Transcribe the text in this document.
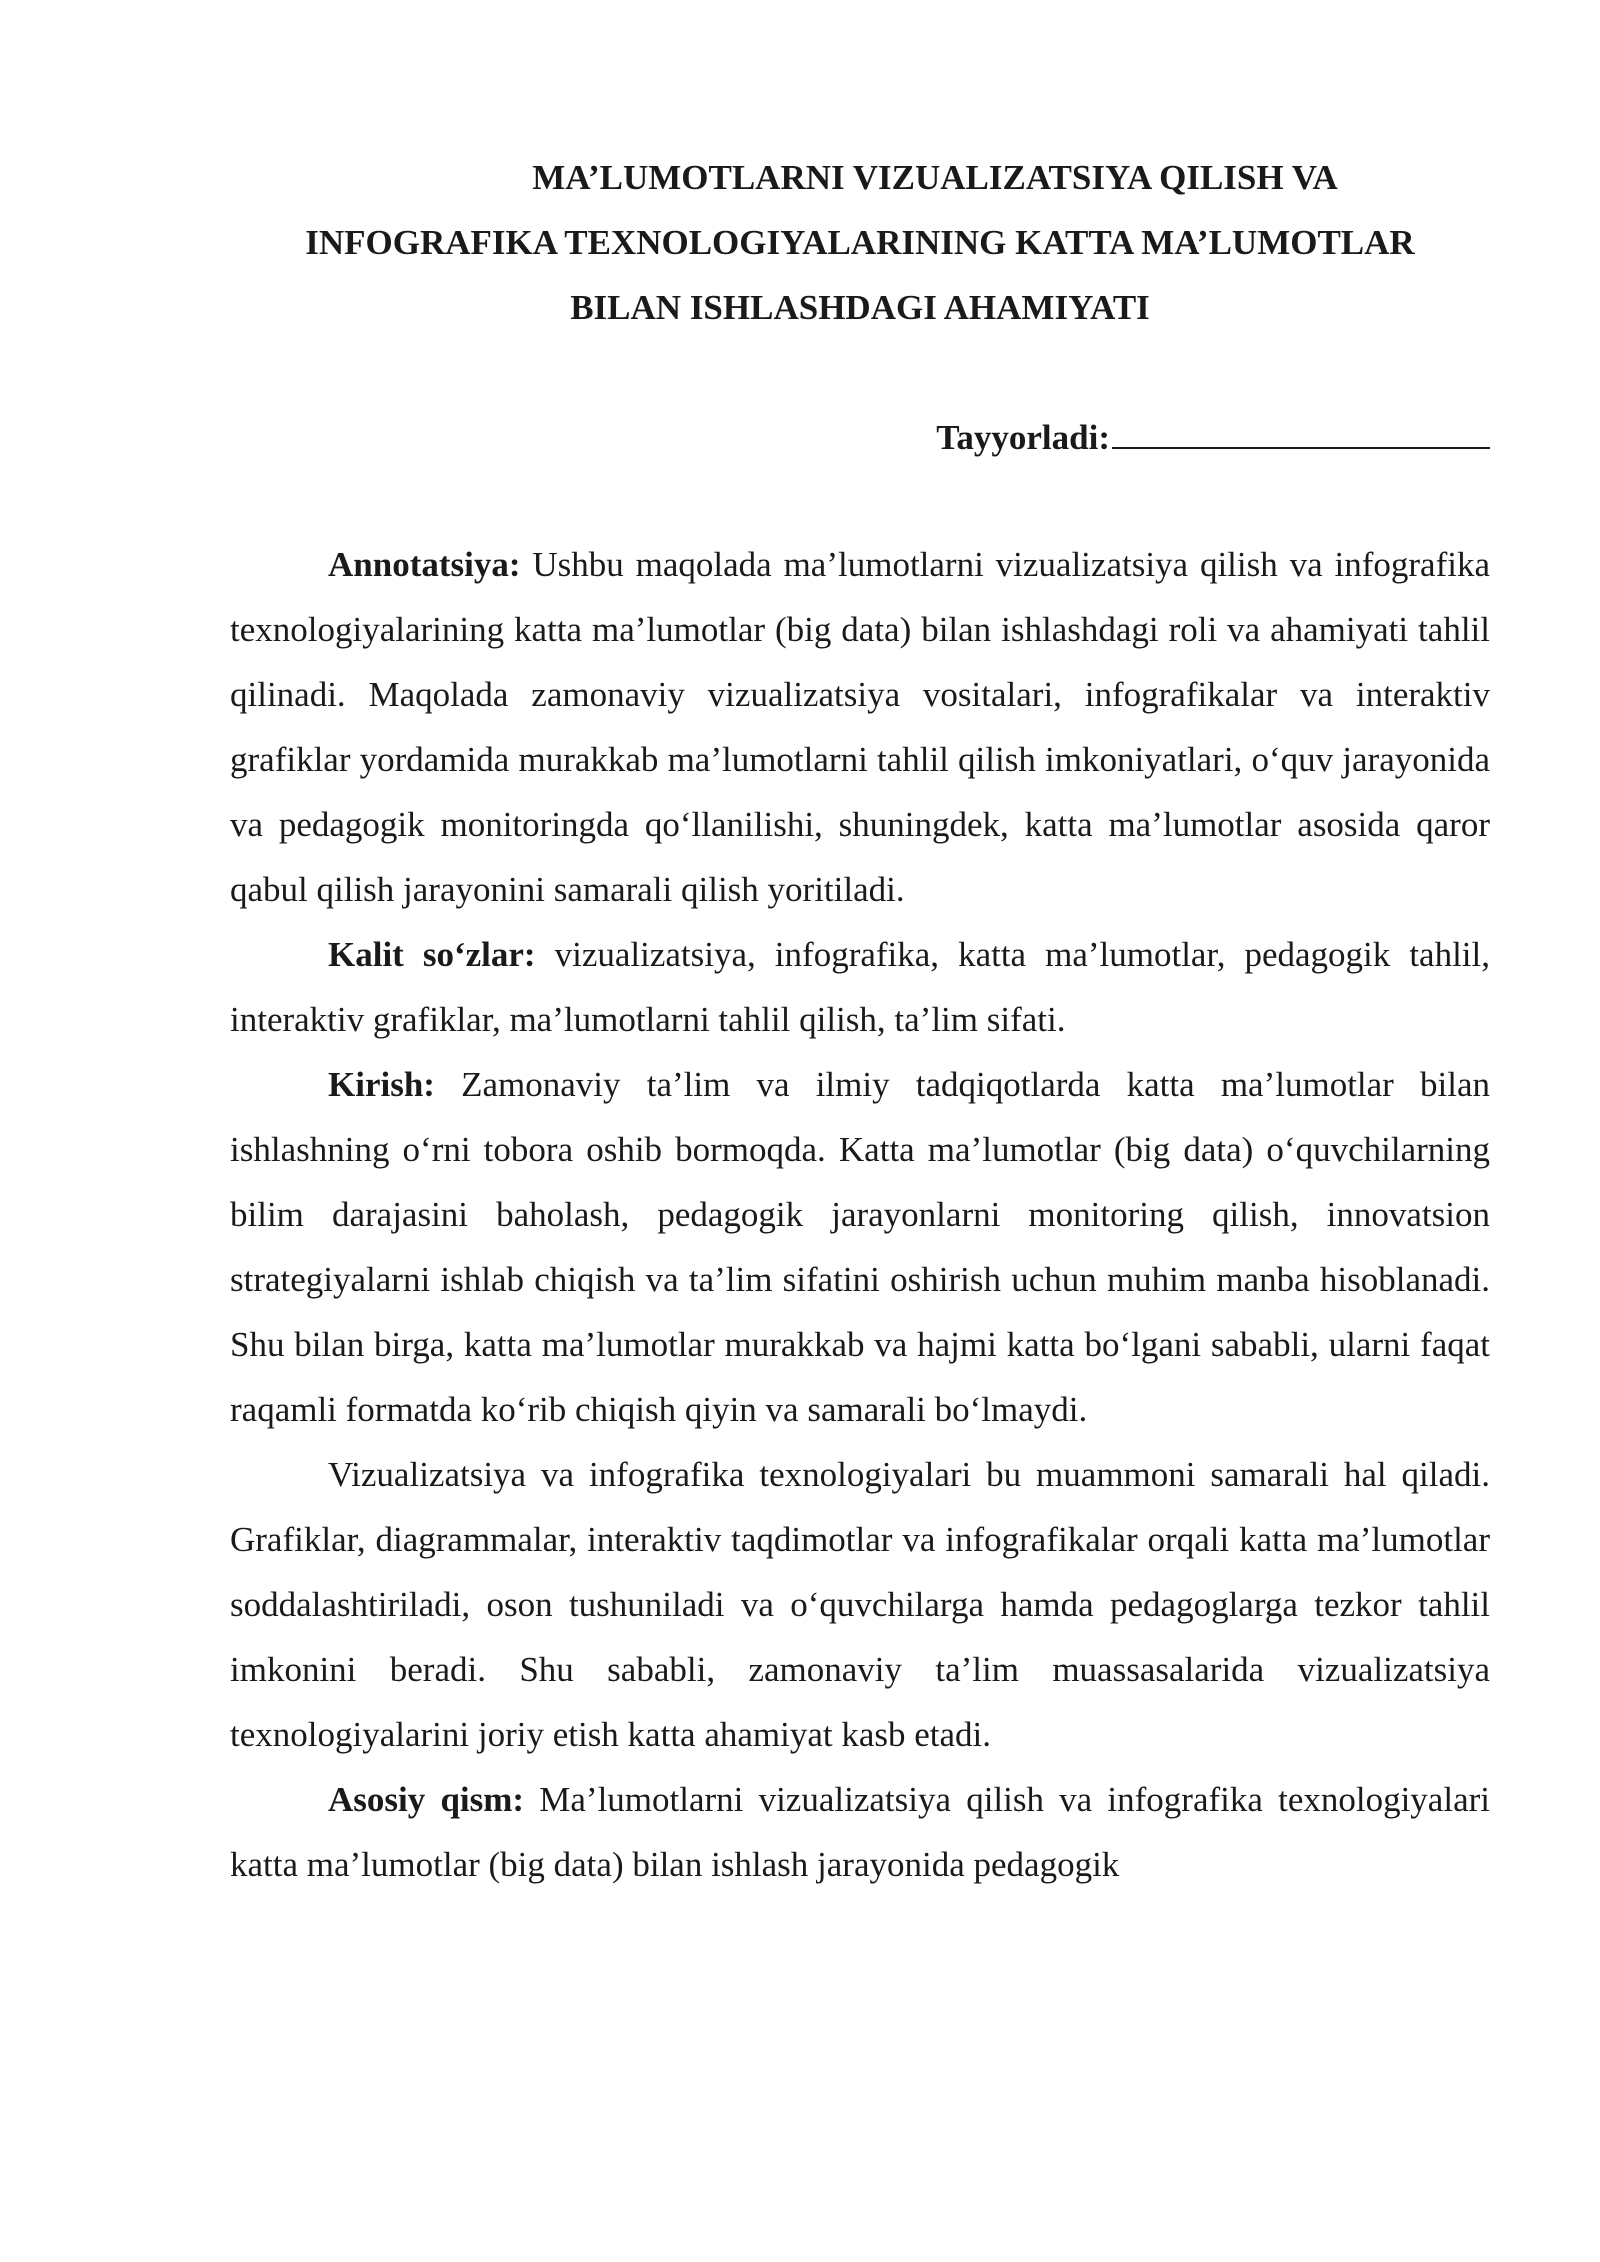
MA’LUMOTLARNI VIZUALIZATSIYA QILISH VA
INFOGRAFIKA TEXNOLOGIYALARINING KATTA MA’LUMOTLAR
BILAN ISHLASHDAGI AHAMIYATI
Tayyorladi:

Annotatsiya: Ushbu maqolada ma’lumotlarni vizualizatsiya qilish va infografika texnologiyalarining katta ma’lumotlar (big data) bilan ishlashdagi roli va ahamiyati tahlil qilinadi. Maqolada zamonaviy vizualizatsiya vositalari, infografikalar va interaktiv grafiklar yordamida murakkab ma’lumotlarni tahlil qilish imkoniyatlari, o‘quv jarayonida va pedagogik monitoringda qo‘llanilishi, shuningdek, katta ma’lumotlar asosida qaror qabul qilish jarayonini samarali qilish yoritiladi.

Kalit so‘zlar: vizualizatsiya, infografika, katta ma’lumotlar, pedagogik tahlil, interaktiv grafiklar, ma’lumotlarni tahlil qilish, ta’lim sifati.

Kirish: Zamonaviy ta’lim va ilmiy tadqiqotlarda katta ma’lumotlar bilan ishlashning o‘rni tobora oshib bormoqda. Katta ma’lumotlar (big data) o‘quvchilarning bilim darajasini baholash, pedagogik jarayonlarni monitoring qilish, innovatsion strategiyalarni ishlab chiqish va ta’lim sifatini oshirish uchun muhim manba hisoblanadi. Shu bilan birga, katta ma’lumotlar murakkab va hajmi katta bo‘lgani sababli, ularni faqat raqamli formatda ko‘rib chiqish qiyin va samarali bo‘lmaydi.

Vizualizatsiya va infografika texnologiyalari bu muammoni samarali hal qiladi. Grafiklar, diagrammalar, interaktiv taqdimotlar va infografikalar orqali katta ma’lumotlar soddalashtiriladi, oson tushuniladi va o‘quvchilarga hamda pedagoglarga tezkor tahlil imkonini beradi. Shu sababli, zamonaviy ta’lim muassasalarida vizualizatsiya texnologiyalarini joriy etish katta ahamiyat kasb etadi.

Asosiy qism: Ma’lumotlarni vizualizatsiya qilish va infografika texnologiyalari katta ma’lumotlar (big data) bilan ishlash jarayonida pedagogik
